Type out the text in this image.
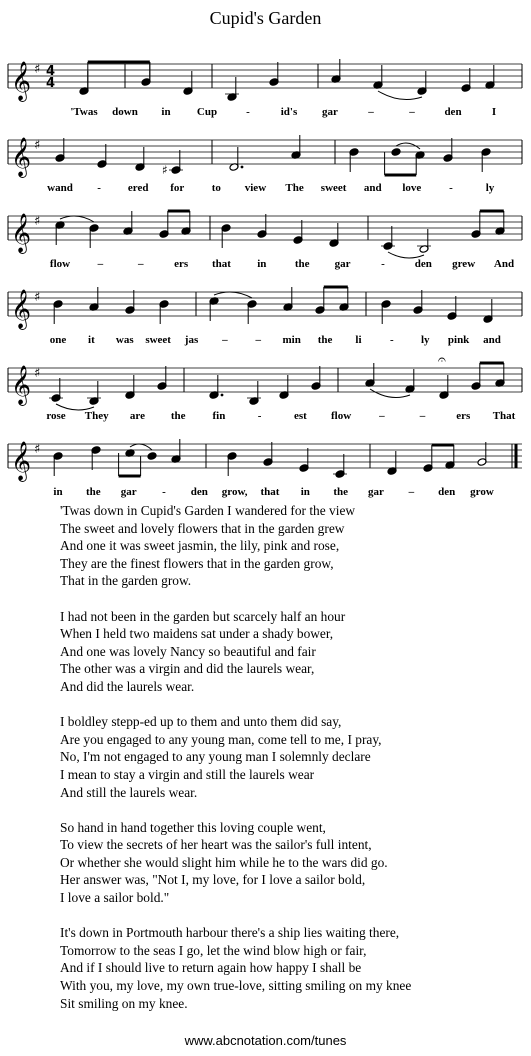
Cupid's Garden
𝄞 ♯ 4
4
'Twas down in Cup	-	id's gar	–	–	den	I
𝄞 ♯
♯
wand - ered for to view The sweet and love	-	ly
𝄞 ♯
flow	–	–	ers that in	the gar	-	den grew And
𝄞 ♯
one it was sweet jas –	– min the li	- ly pink and
𝄞 ♯
𝄐
rose They are the fin	-	est flow	–	–	ers That
𝄞 ♯
in the gar - den grow, that in the gar – den grow
'Twas down in Cupid's Garden I wandered for the view
The sweet and lovely flowers that in the garden grew
And one it was sweet jasmin, the lily, pink and rose,
They are the finest flowers that in the garden grow,
That in the garden grow.
I had not been in the garden but scarcely half an hour
When I held two maidens sat under a shady bower,
And one was lovely Nancy so beautiful and fair
The other was a virgin and did the laurels wear,
And did the laurels wear.
I boldley stepp-ed up to them and unto them did say,
Are you engaged to any young man, come tell to me, I pray,
No, I'm not engaged to any young man I solemnly declare
I mean to stay a virgin and still the laurels wear
And still the laurels wear.
So hand in hand together this loving couple went,
To view the secrets of her heart was the sailor's full intent,
Or whether she would slight him while he to the wars did go.
Her answer was, "Not I, my love, for I love a sailor bold,
I love a sailor bold."
It's down in Portmouth harbour there's a ship lies waiting there,
Tomorrow to the seas I go, let the wind blow high or fair,
And if I should live to return again how happy I shall be
With you, my love, my own true-love, sitting smiling on my knee
Sit smiling on my knee.
www.abcnotation.com/tunes
